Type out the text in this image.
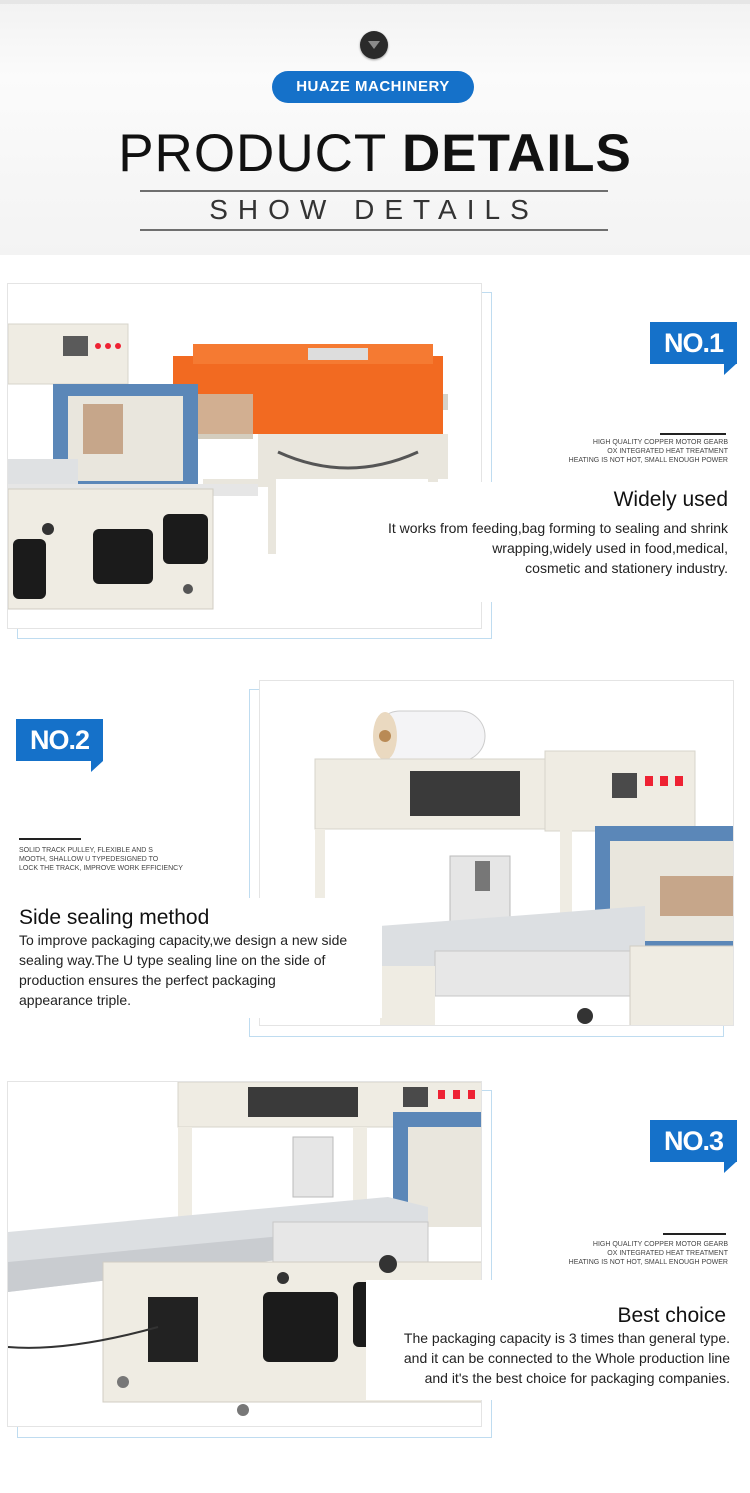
HUAZE MACHINERY
PRODUCT DETAILS
SHOW DETAILS
NO.1
HIGH QUALITY COPPER MOTOR GEARB
OX INTEGRATED HEAT TREATMENT
HEATING IS NOT HOT, SMALL ENOUGH POWER
Widely used
It works from feeding,bag forming to sealing and shrink
wrapping,widely used in food,medical,
cosmetic and stationery industry.
NO.2
SOLID TRACK PULLEY, FLEXIBLE AND S
MOOTH, SHALLOW U TYPEDESIGNED TO
LOCK THE TRACK, IMPROVE WORK EFFICIENCY
Side sealing method
To improve packaging capacity,we design a new side
sealing way.The U type sealing line on the side of
production ensures the perfect packaging
appearance triple.
NO.3
HIGH QUALITY COPPER MOTOR GEARB
OX INTEGRATED HEAT TREATMENT
HEATING IS NOT HOT, SMALL ENOUGH POWER
Best choice
The packaging capacity is 3 times than general type.
and it can be connected to the Whole production line
and it's the best choice for packaging companies.
